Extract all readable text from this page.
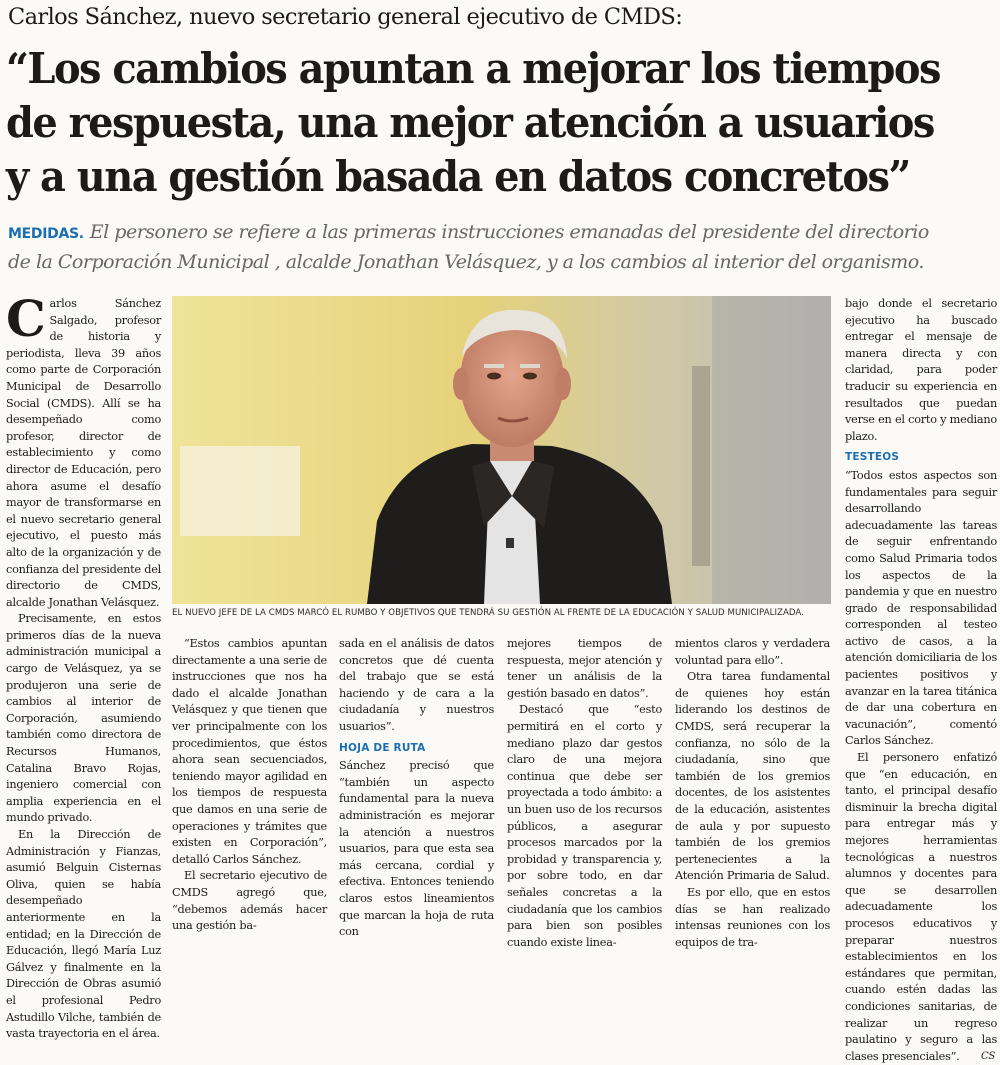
Carlos Sánchez, nuevo secretario general ejecutivo de CMDS:
“Los cambios apuntan a mejorar los tiempos
de respuesta, una mejor atención a usuarios
y a una gestión basada en datos concretos”
MEDIDAS. El personero se refiere a las primeras instrucciones emanadas del presidente del directorio
de la Corporación Municipal , alcalde Jonathan Velásquez, y a los cambios al interior del organismo.
EL NUEVO JEFE DE LA CMDS MARCÓ EL RUMBO Y OBJETIVOS QUE TENDRÁ SU GESTIÓN AL FRENTE DE LA EDUCACIÓN Y SALUD MUNICIPALIZADA.

Carlos Sánchez Salgado, profesor de historia y periodista, lleva 39 años como parte de Corporación Municipal de Desarrollo Social (CMDS). Allí se ha desempeñado como profesor, director de establecimiento y como director de Educación, pero ahora asume el desafío mayor de transformarse en el nuevo secretario general ejecutivo, el puesto más alto de la organización y de confianza del presidente del directorio de CMDS, alcalde Jonathan Velásquez.

Precisamente, en estos primeros días de la nueva administración municipal a cargo de Velásquez, ya se produjeron una serie de cambios al interior de Corporación, asumiendo también como directora de Recursos Humanos, Catalina Bravo Rojas, ingeniero comercial con amplia experiencia en el mundo privado.

En la Dirección de Administración y Fianzas, asumió Belguin Cisternas Oliva, quien se había desempeñado anteriormente en la entidad; en la Dirección de Educación, llegó María Luz Gálvez y finalmente en la Dirección de Obras asumió el profesional Pedro Astudillo Vilche, también de vasta trayectoria en el área.

“Estos cambios apuntan directamente a una serie de instrucciones que nos ha dado el alcalde Jonathan Velásquez y que tienen que ver principalmente con los procedimientos, que éstos ahora sean secuenciados, teniendo mayor agilidad en los tiempos de respuesta que damos en una serie de operaciones y trámites que existen en Corporación”, detalló Carlos Sánchez.

El secretario ejecutivo de CMDS agregó que, “debemos además hacer una gestión ba-

sada en el análisis de datos concretos que dé cuenta del trabajo que se está haciendo y de cara a la ciudadanía y nuestros usuarios”.

HOJA DE RUTA

Sánchez precisó que “también un aspecto fundamental para la nueva administración es mejorar la atención a nuestros usuarios, para que esta sea más cercana, cordial y efectiva. Entonces teniendo claros estos lineamientos que marcan la hoja de ruta con

mejores tiempos de respuesta, mejor atención y tener un análisis de la gestión basado en datos”.

Destacó que “esto permitirá en el corto y mediano plazo dar gestos claro de una mejora continua que debe ser proyectada a todo ámbito: a un buen uso de los recursos públicos, a asegurar procesos marcados por la probidad y transparencia y, por sobre todo, en dar señales concretas a la ciudadanía que los cambios para bien son posibles cuando existe linea-

mientos claros y verdadera voluntad para ello”.

Otra tarea fundamental de quienes hoy están liderando los destinos de CMDS, será recuperar la confianza, no sólo de la ciudadanía, sino que también de los gremios docentes, de los asistentes de la educación, asistentes de aula y por supuesto también de los gremios pertenecientes a la Atención Primaria de Salud.

Es por ello, que en estos días se han realizado intensas reuniones con los equipos de tra-

bajo donde el secretario ejecutivo ha buscado entregar el mensaje de manera directa y con claridad, para poder traducir su experiencia en resultados que puedan verse en el corto y mediano plazo.

TESTEOS

“Todos estos aspectos son fundamentales para seguir desarrollando adecuadamente las tareas de seguir enfrentando como Salud Primaria todos los aspectos de la pandemia y que en nuestro grado de responsabilidad corresponden al testeo activo de casos, a la atención domiciliaria de los pacientes positivos y avanzar en la tarea titánica de dar una cobertura en vacunación”, comentó Carlos Sánchez.

El personero enfatizó que “en educación, en tanto, el principal desafío disminuir la brecha digital para entregar más y mejores herramientas tecnológicas a nuestros alumnos y docentes para que se desarrollen adecuadamente los procesos educativos y preparar nuestros establecimientos en los estándares que permitan, cuando estén dadas las condiciones sanitarias, de realizar un regreso paulatino y seguro a las clases presenciales”.	CS
